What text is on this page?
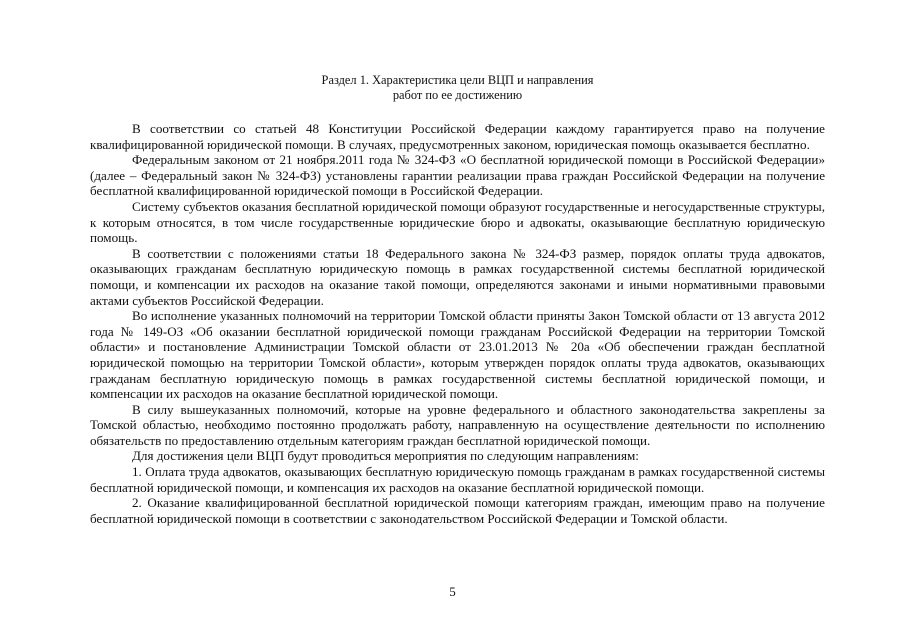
Раздел 1. Характеристика цели ВЦП и направления
работ по ее достижению

В соответствии со статьей 48 Конституции Российской Федерации каждому гарантируется право на получение квалифицированной юридической помощи. В случаях, предусмотренных законом, юридическая помощь оказывается бесплатно.

Федеральным законом от 21 ноября.2011 года № 324-ФЗ «О бесплатной юридической помощи в Российской Федерации» (далее – Федеральный закон № 324-ФЗ) установлены гарантии реализации права граждан Российской Федерации на получение бесплатной квалифицированной юридической помощи в Российской Федерации.

Систему субъектов оказания бесплатной юридической помощи образуют государственные и негосударственные структуры, к которым относятся, в том числе государственные юридические бюро и адвокаты, оказывающие бесплатную юридическую помощь.

В соответствии с положениями статьи 18 Федерального закона № 324-ФЗ размер, порядок оплаты труда адвокатов, оказывающих гражданам бесплатную юридическую помощь в рамках государственной системы бесплатной юридической помощи, и компенсации их расходов на оказание такой помощи, определяются законами и иными нормативными правовыми актами субъектов Российской Федерации.

Во исполнение указанных полномочий на территории Томской области приняты Закон Томской области от 13 августа 2012 года № 149-ОЗ «Об оказании бесплатной юридической помощи гражданам Российской Федерации на территории Томской области» и постановление Администрации Томской области от 23.01.2013 № 20а «Об обеспечении граждан бесплатной юридической помощью на территории Томской области», которым утвержден порядок оплаты труда адвокатов, оказывающих гражданам бесплатную юридическую помощь в рамках государственной системы бесплатной юридической помощи, и компенсации их расходов на оказание бесплатной юридической помощи.

В силу вышеуказанных полномочий, которые на уровне федерального и областного законодательства закреплены за Томской областью, необходимо постоянно продолжать работу, направленную на осуществление деятельности по исполнению обязательств по предоставлению отдельным категориям граждан бесплатной юридической помощи.

Для достижения цели ВЦП будут проводиться мероприятия по следующим направлениям:

1. Оплата труда адвокатов, оказывающих бесплатную юридическую помощь гражданам в рамках государственной системы бесплатной юридической помощи, и компенсация их расходов на оказание бесплатной юридической помощи.

2. Оказание квалифицированной бесплатной юридической помощи категориям граждан, имеющим право на получение бесплатной юридической помощи в соответствии с законодательством Российской Федерации и Томской области.

5
